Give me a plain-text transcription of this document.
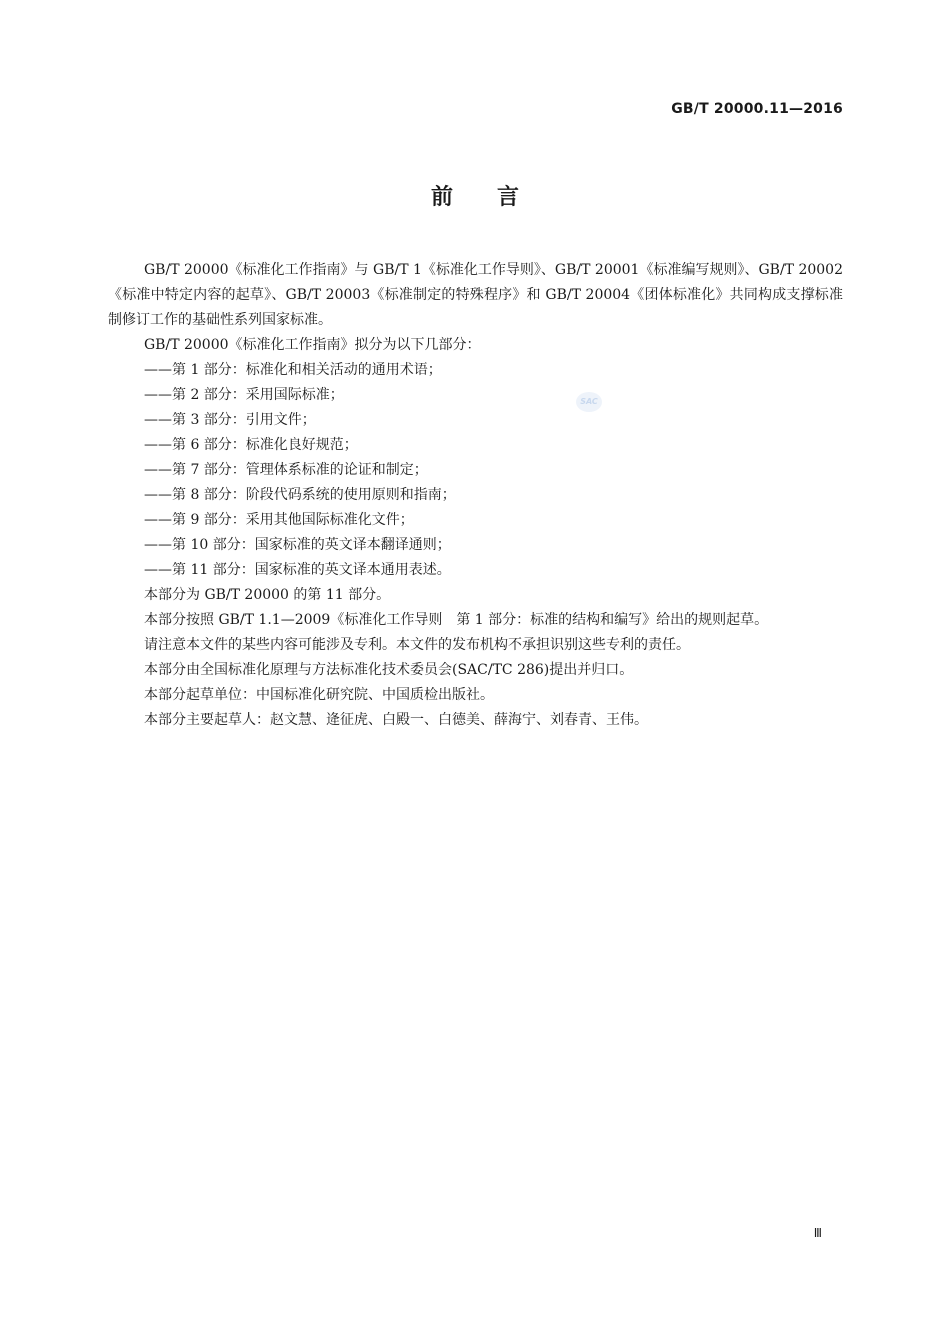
GB/T 20000.11—2016
前言
SAC

GB/T 20000《标准化工作指南》与 GB/T 1《标准化工作导则》、GB/T 20001《标准编写规则》、GB/T 20002《标准中特定内容的起草》、GB/T 20003《标准制定的特殊程序》和 GB/T 20004《团体标准化》共同构成支撑标准制修订工作的基础性系列国家标准。

GB/T 20000《标准化工作指南》拟分为以下几部分：

——第 1 部分：标准化和相关活动的通用术语；

——第 2 部分：采用国际标准；

——第 3 部分：引用文件；

——第 6 部分：标准化良好规范；

——第 7 部分：管理体系标准的论证和制定；

——第 8 部分：阶段代码系统的使用原则和指南；

——第 9 部分：采用其他国际标准化文件；

——第 10 部分：国家标准的英文译本翻译通则；

——第 11 部分：国家标准的英文译本通用表述。

本部分为 GB/T 20000 的第 11 部分。

本部分按照 GB/T 1.1—2009《标准化工作导则　第 1 部分：标准的结构和编写》给出的规则起草。

请注意本文件的某些内容可能涉及专利。本文件的发布机构不承担识别这些专利的责任。

本部分由全国标准化原理与方法标准化技术委员会(SAC/TC 286)提出并归口。

本部分起草单位：中国标准化研究院、中国质检出版社。

本部分主要起草人：赵文慧、逄征虎、白殿一、白德美、薛海宁、刘春青、王伟。

Ⅲ
